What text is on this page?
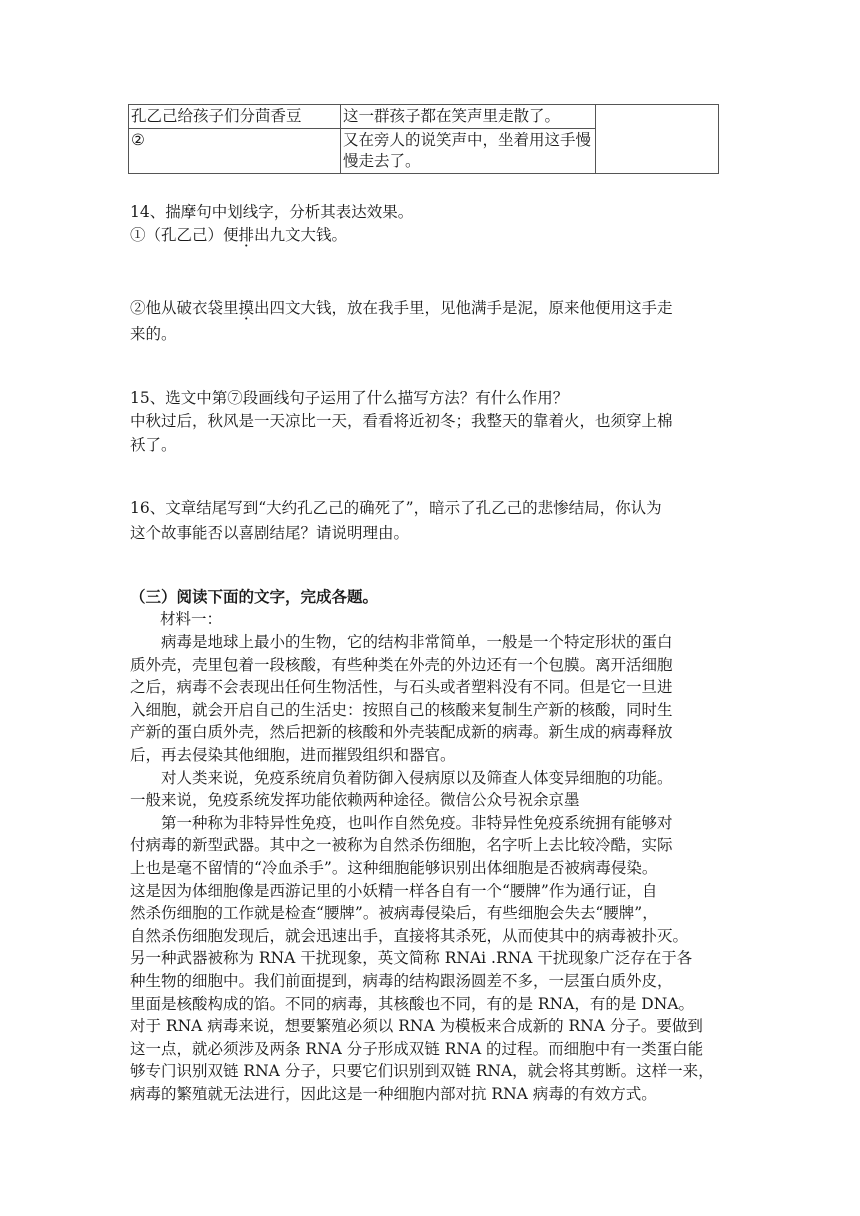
孔乙己给孩子们分茴香豆	这一群孩子都在笑声里走散了。	
②	又在旁人的说笑声中，坐着用这手慢慢走去了。	
14、揣摩句中划线字，分析其表达效果。
①（孔乙己）便排出九文大钱。
②他从破衣袋里摸出四文大钱，放在我手里，见他满手是泥，原来他便用这手走
来的。
15、选文中第⑦段画线句子运用了什么描写方法？有什么作用？
中秋过后，秋风是一天凉比一天，看看将近初冬；我整天的靠着火，也须穿上棉
袄了。
16、文章结尾写到“大约孔乙己的确死了”，暗示了孔乙己的悲惨结局，你认为
这个故事能否以喜剧结尾？请说明理由。
（三）阅读下面的文字，完成各题。
材料一：
　　病毒是地球上最小的生物，它的结构非常简单，一般是一个特定形状的蛋白
质外壳，壳里包着一段核酸，有些种类在外壳的外边还有一个包膜。离开活细胞
之后，病毒不会表现出任何生物活性，与石头或者塑料没有不同。但是它一旦进
入细胞，就会开启自己的生活史：按照自己的核酸来复制生产新的核酸，同时生
产新的蛋白质外壳，然后把新的核酸和外壳装配成新的病毒。新生成的病毒释放
后，再去侵染其他细胞，进而摧毁组织和器官。
　　对人类来说，免疫系统肩负着防御入侵病原以及筛查人体变异细胞的功能。
一般来说，免疫系统发挥功能依赖两种途径。微信公众号祝余京墨
　　第一种称为非特异性免疫，也叫作自然免疫。非特异性免疫系统拥有能够对
付病毒的新型武器。其中之一被称为自然杀伤细胞，名字听上去比较冷酷，实际
上也是毫不留情的“冷血杀手”。这种细胞能够识别出体细胞是否被病毒侵染。
这是因为体细胞像是西游记里的小妖精一样各自有一个“腰牌”作为通行证，自
然杀伤细胞的工作就是检查“腰牌”。被病毒侵染后，有些细胞会失去“腰牌”，
自然杀伤细胞发现后，就会迅速出手，直接将其杀死，从而使其中的病毒被扑灭。
另一种武器被称为 RNA 干扰现象，英文简称 RNAi .RNA 干扰现象广泛存在于各
种生物的细胞中。我们前面提到，病毒的结构跟汤圆差不多，一层蛋白质外皮，
里面是核酸构成的馅。不同的病毒，其核酸也不同，有的是 RNA，有的是 DNA。
对于 RNA 病毒来说，想要繁殖必须以 RNA 为模板来合成新的 RNA 分子。要做到
这一点，就必须涉及两条 RNA 分子形成双链 RNA 的过程。而细胞中有一类蛋白能
够专门识别双链 RNA 分子，只要它们识别到双链 RNA，就会将其剪断。这样一来，
病毒的繁殖就无法进行，因此这是一种细胞内部对抗 RNA 病毒的有效方式。
